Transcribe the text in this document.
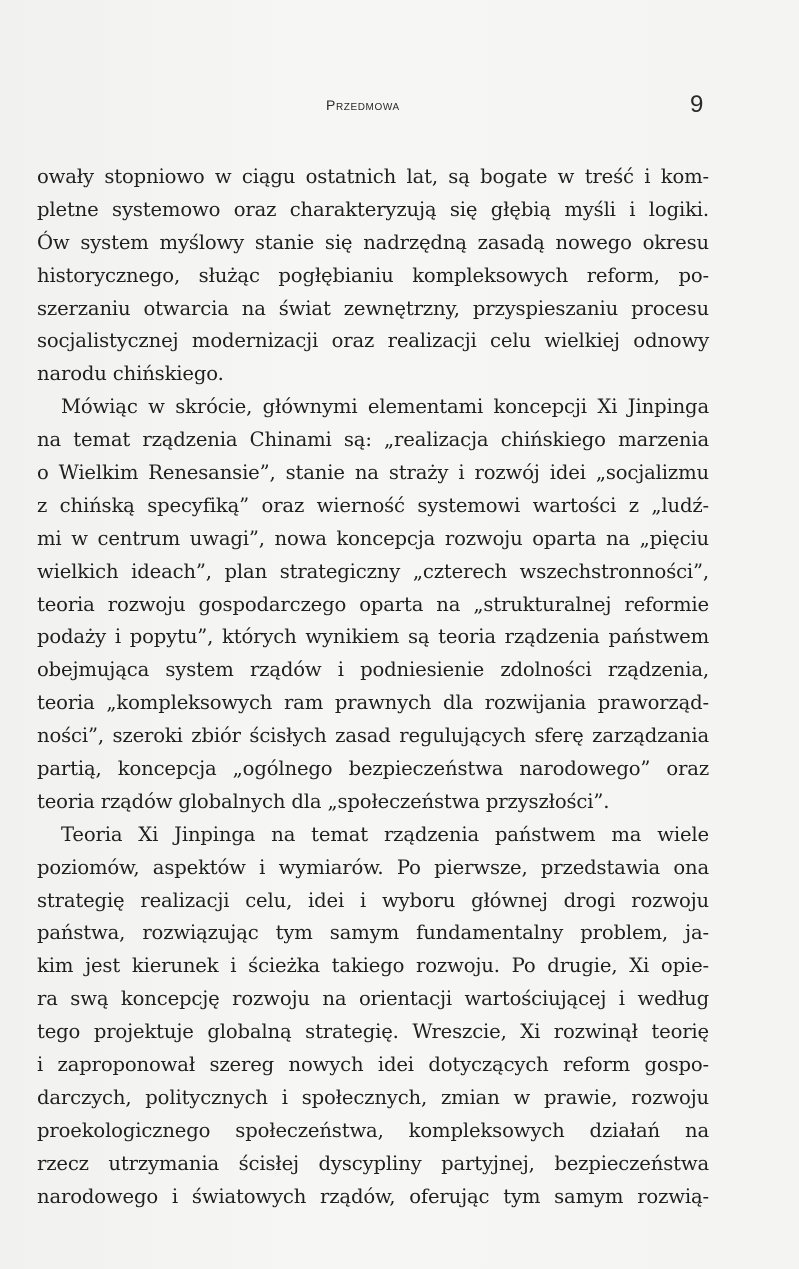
Przedmowa	9
owały stopniowo w ciągu ostatnich lat, są bogate w treść i kom-
pletne systemowo oraz charakteryzują się głębią myśli i logiki.
Ów system myślowy stanie się nadrzędną zasadą nowego okresu
historycznego, służąc pogłębianiu kompleksowych reform, po-
szerzaniu otwarcia na świat zewnętrzny, przyspieszaniu procesu
socjalistycznej modernizacji oraz realizacji celu wielkiej odnowy
narodu chińskiego.
Mówiąc w skrócie, głównymi elementami koncepcji Xi Jinpinga
na temat rządzenia Chinami są: „realizacja chińskiego marzenia
o Wielkim Renesansie”, stanie na straży i rozwój idei „socjalizmu
z chińską specyfiką” oraz wierność systemowi wartości z „ludź-
mi w centrum uwagi”, nowa koncepcja rozwoju oparta na „pięciu
wielkich ideach”, plan strategiczny „czterech wszechstronności”,
teoria rozwoju gospodarczego oparta na „strukturalnej reformie
podaży i popytu”, których wynikiem są teoria rządzenia państwem
obejmująca system rządów i podniesienie zdolności rządzenia,
teoria „kompleksowych ram prawnych dla rozwijania praworząd-
ności”, szeroki zbiór ścisłych zasad regulujących sferę zarządzania
partią, koncepcja „ogólnego bezpieczeństwa narodowego” oraz
teoria rządów globalnych dla „społeczeństwa przyszłości”.
Teoria Xi Jinpinga na temat rządzenia państwem ma wiele
poziomów, aspektów i wymiarów. Po pierwsze, przedstawia ona
strategię realizacji celu, idei i wyboru głównej drogi rozwoju
państwa, rozwiązując tym samym fundamentalny problem, ja-
kim jest kierunek i ścieżka takiego rozwoju. Po drugie, Xi opie-
ra swą koncepcję rozwoju na orientacji wartościującej i według
tego projektuje globalną strategię. Wreszcie, Xi rozwinął teorię
i zaproponował szereg nowych idei dotyczących reform gospo-
darczych, politycznych i społecznych, zmian w prawie, rozwoju
proekologicznego społeczeństwa, kompleksowych działań na
rzecz utrzymania ścisłej dyscypliny partyjnej, bezpieczeństwa
narodowego i światowych rządów, oferując tym samym rozwią-
